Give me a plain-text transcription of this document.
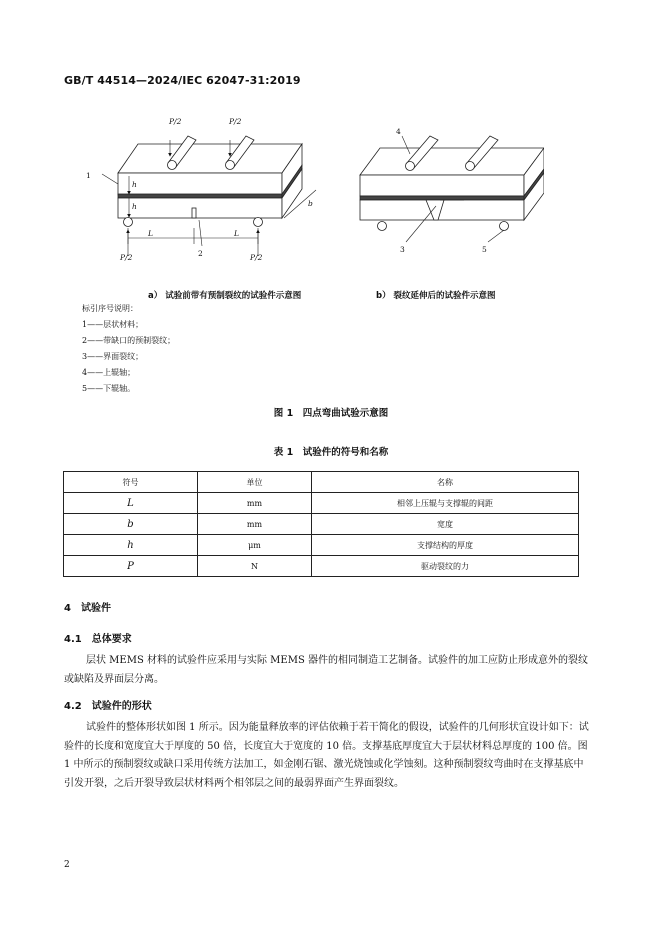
GB/T 44514—2024/IEC 62047-31:2019
P/2	P/2
h
h	b
L	L
1
2
P/2	P/2
4
3	5
a） 试验前带有预制裂纹的试验件示意图	b） 裂纹延伸后的试验件示意图
标引序号说明：
1——层状材料；
2——带缺口的预制裂纹；
3——界面裂纹；
4——上辊轴；
5——下辊轴。
图 1　四点弯曲试验示意图
表 1　试验件的符号和名称
符号	单位	名称
L	mm	相邻上压辊与支撑辊的间距
b	mm	宽度
h	μm	支撑结构的厚度
P	N	驱动裂纹的力
4　试验件
4.1　总体要求

层状 MEMS 材料的试验件应采用与实际 MEMS 器件的相同制造工艺制备。试验件的加工应防止形成意外的裂纹或缺陷及界面层分离。

4.2　试验件的形状

试验件的整体形状如图 1 所示。因为能量释放率的评估依赖于若干简化的假设，试验件的几何形状宜设计如下：试验件的长度和宽度宜大于厚度的 50 倍，长度宜大于宽度的 10 倍。支撑基底厚度宜大于层状材料总厚度的 100 倍。图 1 中所示的预制裂纹或缺口采用传统方法加工，如金刚石锯、激光烧蚀或化学蚀刻。这种预制裂纹弯曲时在支撑基底中引发开裂，之后开裂导致层状材料两个相邻层之间的最弱界面产生界面裂纹。

2
